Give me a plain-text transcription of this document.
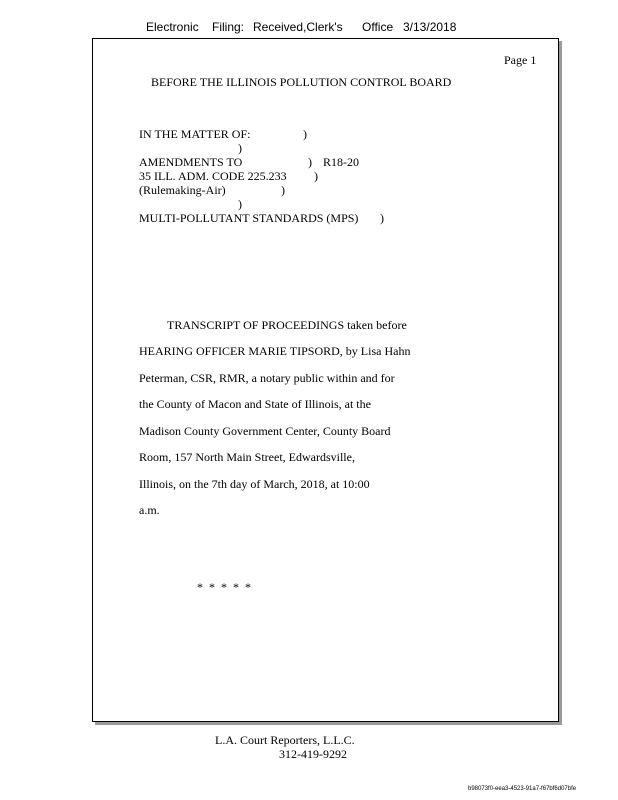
Electronic Filing: Received,Clerk's Office 3/13/2018
Page 1
BEFORE THE ILLINOIS POLLUTION CONTROL BOARD
IN THE MATTER OF:	)
)
AMENDMENTS TO	) R18-20
35 ILL. ADM. CODE 225.233 )
(Rulemaking-Air)	)
)
MULTI-POLLUTANT STANDARDS (MPS) )
TRANSCRIPT OF PROCEEDINGS taken before
HEARING OFFICER MARIE TIPSORD, by Lisa Hahn
Peterman, CSR, RMR, a notary public within and for
the County of Macon and State of Illinois, at the
Madison County Government Center, County Board
Room, 157 North Main Street, Edwardsville,
Illinois, on the 7th day of March, 2018, at 10:00
a.m.
* * * * *
L.A. Court Reporters, L.L.C.
312-419-9292
b98073f0-eea3-4523-91a7-f67bf6d07bfe
